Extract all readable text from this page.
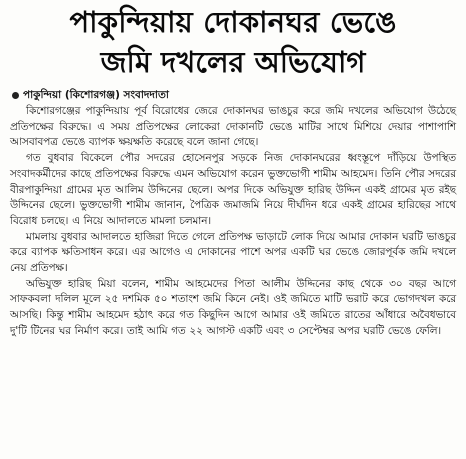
পাকুন্দিয়ায় দোকানঘর ভেঙে
জমি দখলের অভিযোগ
পাকুন্দিয়া (কিশোরগঞ্জ) সংবাদদাতা

কিশোরগঞ্জের পাকুন্দিয়ায় পূর্ব বিরোধের জেরে দোকানঘর ভাঙচুর করে জমি দখলের অভিযোগ উঠেছে প্রতিপক্ষের বিরুদ্ধে। এ সময় প্রতিপক্ষের লোকেরা দোকানটি ভেঙে মাটির সাথে মিশিয়ে দেয়ার পাশাপাশি আসবাবপত্র ভেঙে ব্যাপক ক্ষয়ক্ষতি করেছে বলে জানা গেছে।

গত বুধবার বিকেলে পৌর সদরের হোসেনপুর সড়কে নিজ দোকানঘরের ধ্বংস্তূপে দাঁড়িয়ে উপস্থিত সংবাদকর্মীদের কাছে প্রতিপক্ষের বিরুদ্ধে এমন অভিযোগ করেন ভুক্তভোগী শামীম আহমেদ। তিনি পৌর সদরের বীরপাকুন্দিয়া গ্রামের মৃত আলিম উদ্দিনের ছেলে। অপর দিকে অভিযুক্ত হারিছ উদ্দিন একই গ্রামের মৃত রইছ উদ্দিনের ছেলে। ভুক্তভোগী শামীম জানান, পৈত্রিক জমাজমি নিয়ে দীর্ঘদিন ধরে একই গ্রামের হারিছের সাথে বিরোধ চলছে। এ নিয়ে আদালতে মামলা চলমান।

মামলায় বুধবার আদালতে হাজিরা দিতে গেলে প্রতিপক্ষ ভাড়াটে লোক দিয়ে আমার দোকান ঘরটি ভাঙচুর করে ব্যাপক ক্ষতিসাধন করে। এর আগেও এ দোকানের পাশে অপর একটি ঘর ভেঙে জোরপূর্বক জমি দখলে নেয় প্রতিপক্ষ।

অভিযুক্ত হারিছ মিয়া বলেন, শামীম আহমেদের পিতা আলীম উদ্দিনের কাছ থেকে ৩০ বছর আগে সাফকবলা দলিল মূলে ২৫ দশমিক ৫০ শতাংশ জমি কিনে নেই। ওই জমিতে মাটি ভরাট করে ভোগদখল করে আসছি। কিন্তু শামীম আহমেদ হঠাৎ করে গত কিছুদিন আগে আমার ওই জমিতে রাতের আঁধারে অবৈধভাবে দু'টি টিনের ঘর নির্মাণ করে। তাই আমি গত ২২ আগস্ট একটি এবং ৩ সেপ্টেম্বর অপর ঘরটি ভেঙে ফেলি।
